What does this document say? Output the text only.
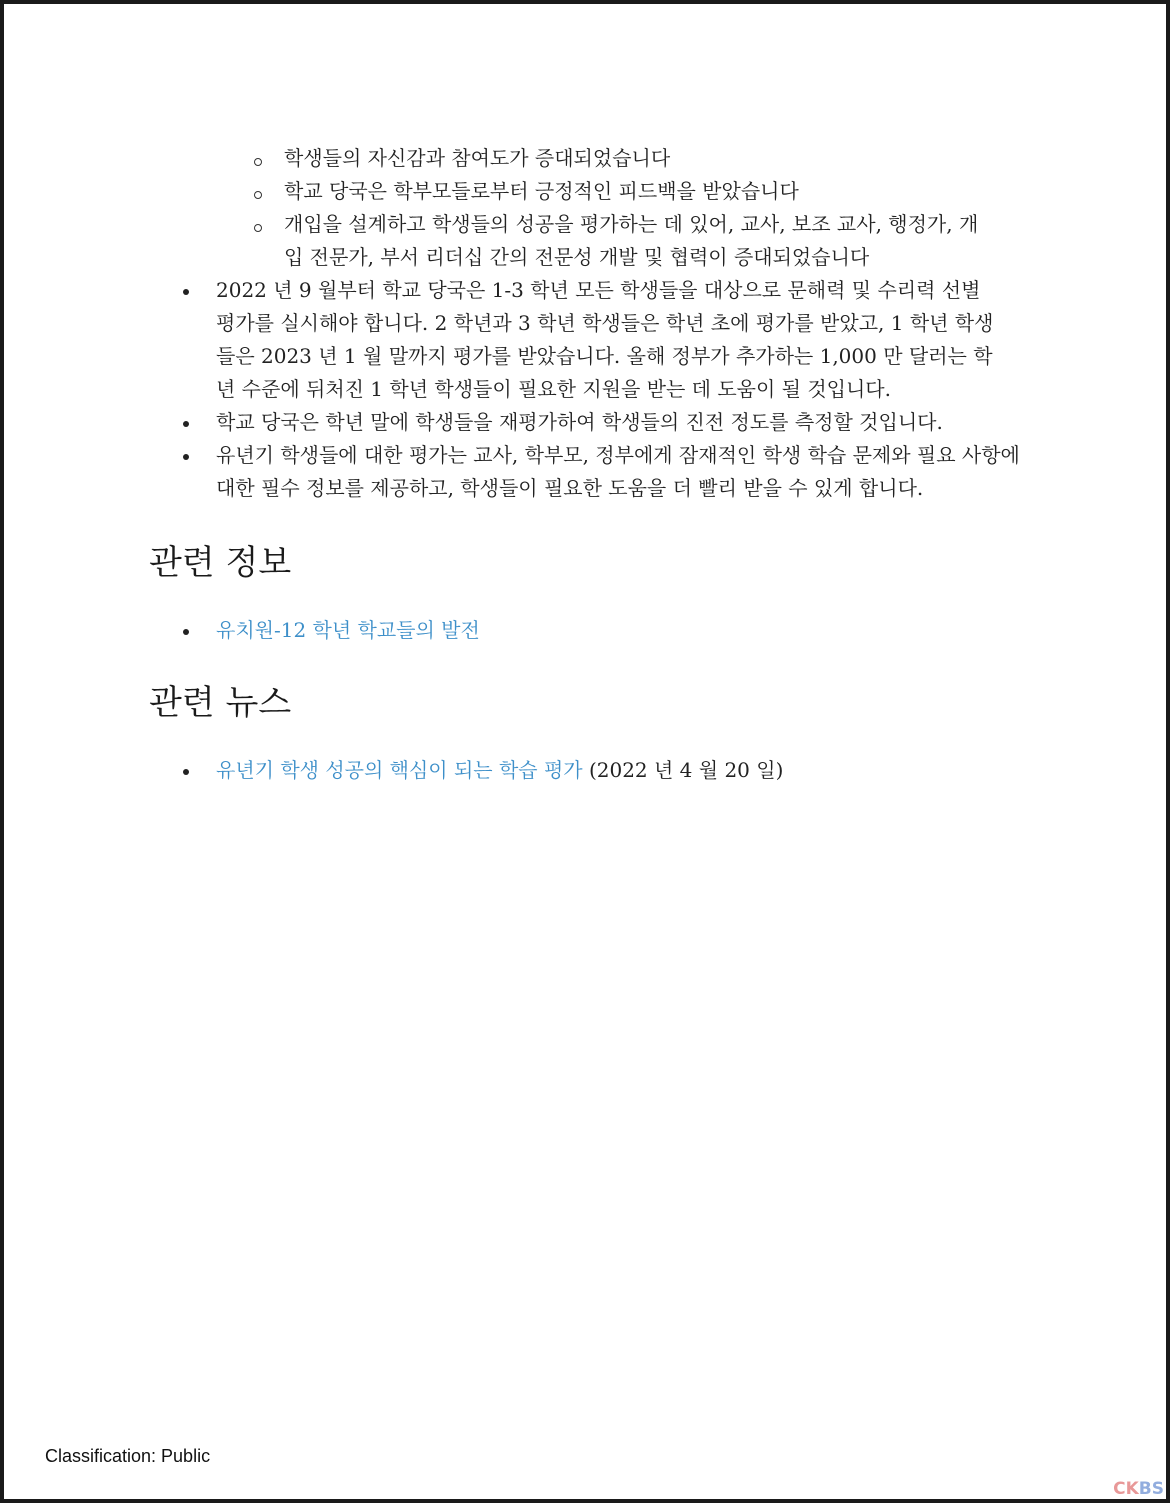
학생들의 자신감과 참여도가 증대되었습니다
학교 당국은 학부모들로부터 긍정적인 피드백을 받았습니다
개입을 설계하고 학생들의 성공을 평가하는 데 있어, 교사, 보조 교사, 행정가, 개입 전문가, 부서 리더십 간의 전문성 개발 및 협력이 증대되었습니다
2022 년 9 월부터 학교 당국은 1-3 학년 모든 학생들을 대상으로 문해력 및 수리력 선별 평가를 실시해야 합니다. 2 학년과 3 학년 학생들은 학년 초에 평가를 받았고, 1 학년 학생들은 2023 년 1 월 말까지 평가를 받았습니다. 올해 정부가 추가하는 1,000 만 달러는 학년 수준에 뒤처진 1 학년 학생들이 필요한 지원을 받는 데 도움이 될 것입니다.
학교 당국은 학년 말에 학생들을 재평가하여 학생들의 진전 정도를 측정할 것입니다.
유년기 학생들에 대한 평가는 교사, 학부모, 정부에게 잠재적인 학생 학습 문제와 필요 사항에 대한 필수 정보를 제공하고, 학생들이 필요한 도움을 더 빨리 받을 수 있게 합니다.
관련 정보
유치원-12 학년 학교들의 발전
관련 뉴스
유년기 학생 성공의 핵심이 되는 학습 평가 (2022 년 4 월 20 일)
Classification: Public
CKBS
